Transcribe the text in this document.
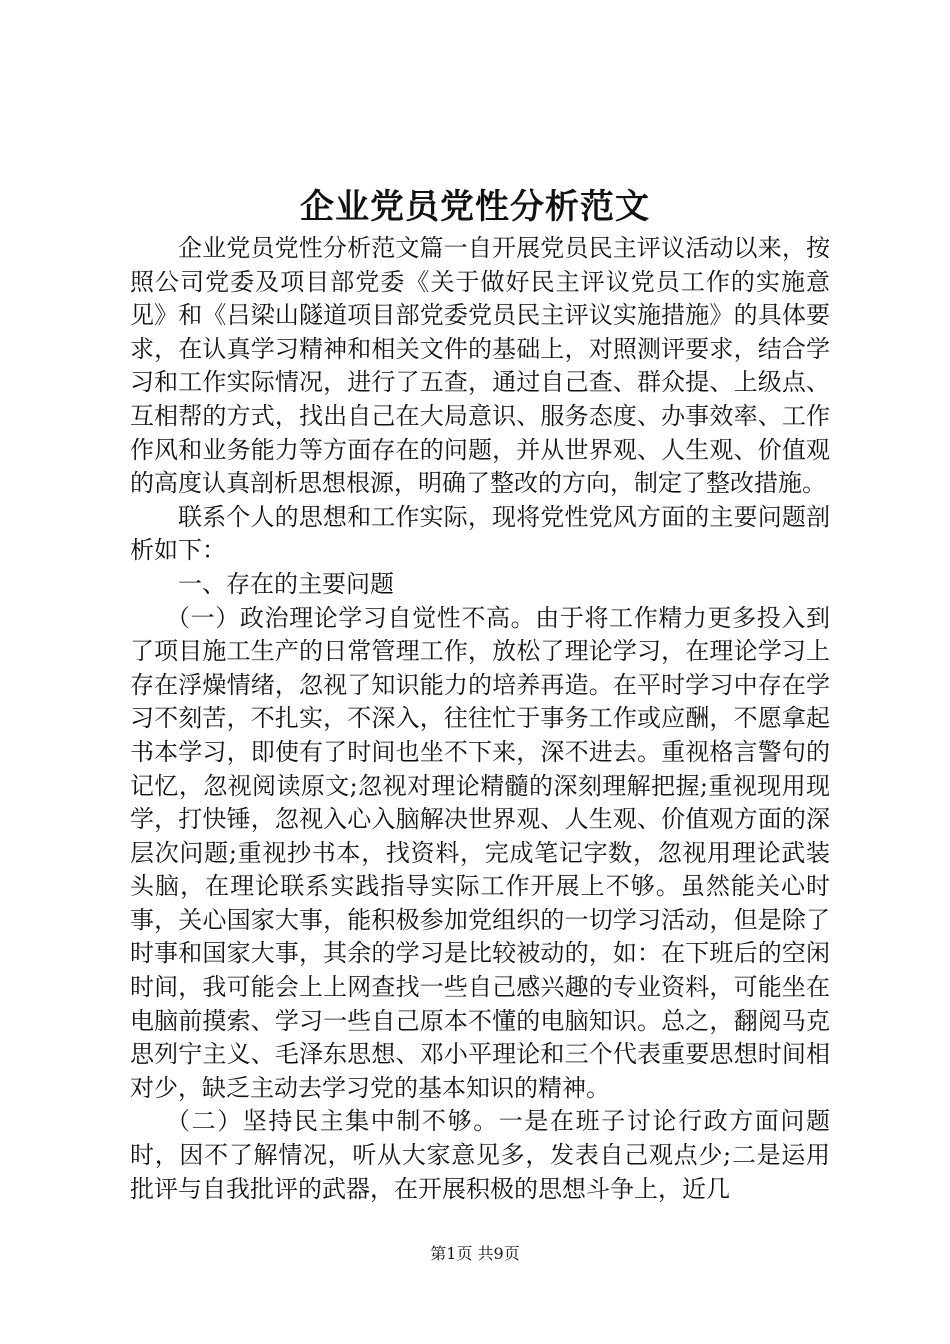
企业党员党性分析范文

企业党员党性分析范文篇一自开展党员民主评议活动以来，按照公司党委及项目部党委《关于做好民主评议党员工作的实施意见》和《吕梁山隧道项目部党委党员民主评议实施措施》的具体要求，在认真学习精神和相关文件的基础上，对照测评要求，结合学习和工作实际情况，进行了五查，通过自己查、群众提、上级点、互相帮的方式，找出自己在大局意识、服务态度、办事效率、工作作风和业务能力等方面存在的问题，并从世界观、人生观、价值观的高度认真剖析思想根源，明确了整改的方向，制定了整改措施。

联系个人的思想和工作实际，现将党性党风方面的主要问题剖析如下：

一、存在的主要问题

（一）政治理论学习自觉性不高。由于将工作精力更多投入到了项目施工生产的日常管理工作，放松了理论学习，在理论学习上存在浮燥情绪，忽视了知识能力的培养再造。在平时学习中存在学习不刻苦，不扎实，不深入，往往忙于事务工作或应酬，不愿拿起书本学习，即使有了时间也坐不下来，深不进去。重视格言警句的记忆，忽视阅读原文;忽视对理论精髓的深刻理解把握;重视现用现学，打快锤，忽视入心入脑解决世界观、人生观、价值观方面的深层次问题;重视抄书本，找资料，完成笔记字数，忽视用理论武装头脑，在理论联系实践指导实际工作开展上不够。虽然能关心时事，关心国家大事，能积极参加党组织的一切学习活动，但是除了时事和国家大事，其余的学习是比较被动的，如：在下班后的空闲时间，我可能会上上网查找一些自己感兴趣的专业资料，可能坐在电脑前摸索、学习一些自己原本不懂的电脑知识。总之，翻阅马克思列宁主义、毛泽东思想、邓小平理论和三个代表重要思想时间相对少，缺乏主动去学习党的基本知识的精神。

（二）坚持民主集中制不够。一是在班子讨论行政方面问题时，因不了解情况，听从大家意见多，发表自己观点少;二是运用批评与自我批评的武器，在开展积极的思想斗争上，近几

第1页 共9页
